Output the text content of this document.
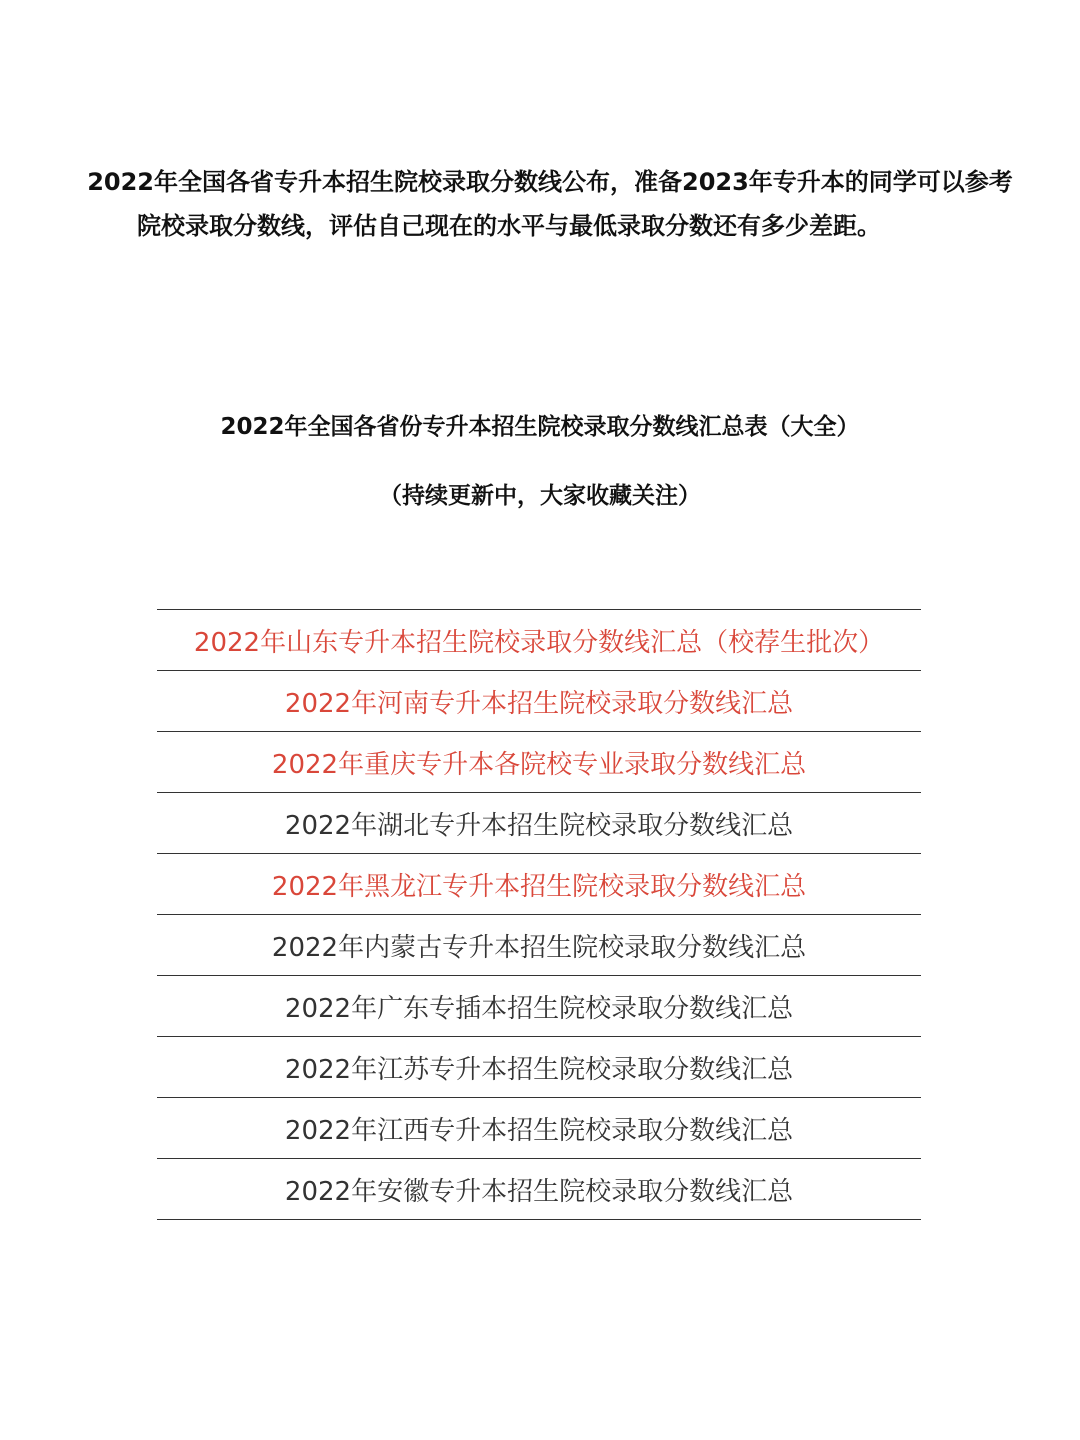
2022年全国各省专升本招生院校录取分数线公布，准备2023年专升本的同学可以参考
院校录取分数线，评估自己现在的水平与最低录取分数还有多少差距。
2022年全国各省份专升本招生院校录取分数线汇总表（大全）
（持续更新中，大家收藏关注）
2022年山东专升本招生院校录取分数线汇总（校荐生批次）
2022年河南专升本招生院校录取分数线汇总
2022年重庆专升本各院校专业录取分数线汇总
2022年湖北专升本招生院校录取分数线汇总
2022年黑龙江专升本招生院校录取分数线汇总
2022年内蒙古专升本招生院校录取分数线汇总
2022年广东专插本招生院校录取分数线汇总
2022年江苏专升本招生院校录取分数线汇总
2022年江西专升本招生院校录取分数线汇总
2022年安徽专升本招生院校录取分数线汇总
